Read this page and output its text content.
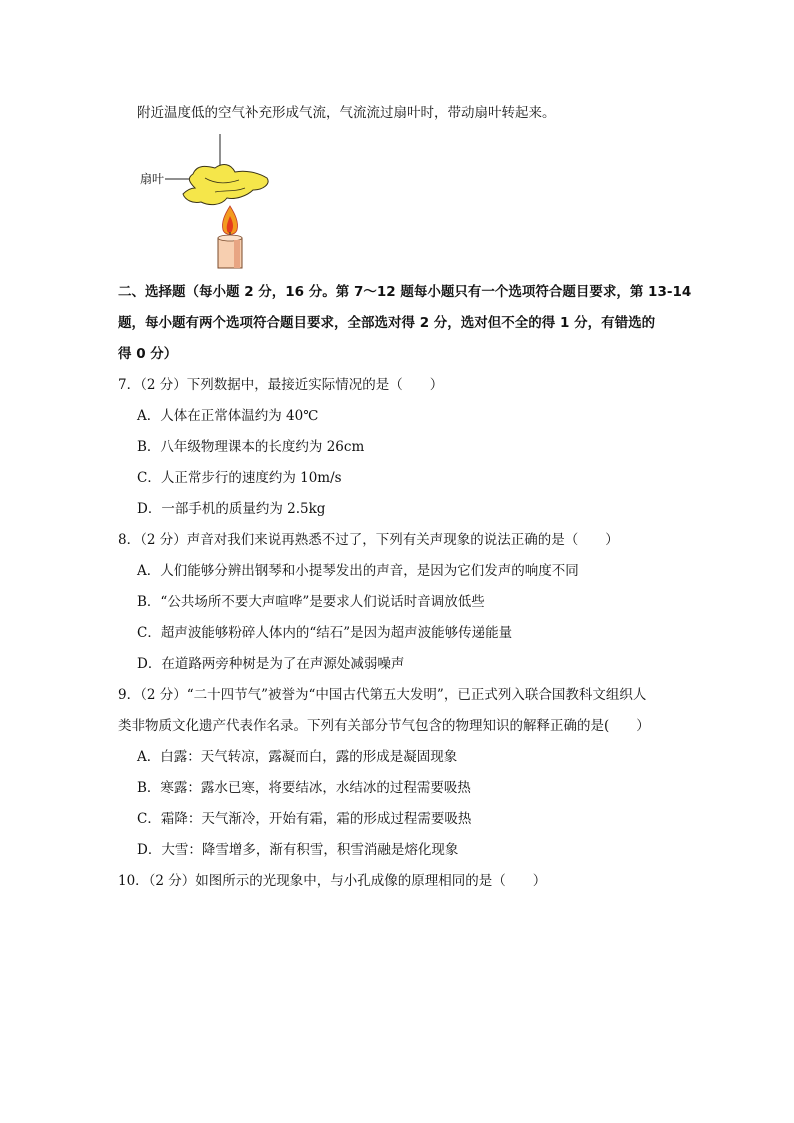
附近温度低的空气补充形成气流，气流流过扇叶时，带动扇叶转起来。
扇叶
二、选择题（每小题 2 分，16 分。第 7～12 题每小题只有一个选项符合题目要求，第 13-14
题，每小题有两个选项符合题目要求，全部选对得 2 分，选对但不全的得 1 分，有错选的
得 0 分）
7．（2 分）下列数据中，最接近实际情况的是（　　）
A．人体在正常体温约为 40℃
B．八年级物理课本的长度约为 26cm
C．人正常步行的速度约为 10m/s
D．一部手机的质量约为 2.5kg
8．（2 分）声音对我们来说再熟悉不过了，下列有关声现象的说法正确的是（　　）
A．人们能够分辨出钢琴和小提琴发出的声音，是因为它们发声的响度不同
B．“公共场所不要大声喧哗”是要求人们说话时音调放低些
C．超声波能够粉碎人体内的“结石”是因为超声波能够传递能量
D．在道路两旁种树是为了在声源处减弱噪声
9．（2 分）“二十四节气”被誉为“中国古代第五大发明”，已正式列入联合国教科文组织人
类非物质文化遗产代表作名录。下列有关部分节气包含的物理知识的解释正确的是(　　）
A．白露：天气转凉，露凝而白，露的形成是凝固现象
B．寒露：露水已寒，将要结冰，水结冰的过程需要吸热
C．霜降：天气渐冷，开始有霜，霜的形成过程需要吸热
D．大雪：降雪增多，渐有积雪，积雪消融是熔化现象
10．（2 分）如图所示的光现象中，与小孔成像的原理相同的是（　　）
